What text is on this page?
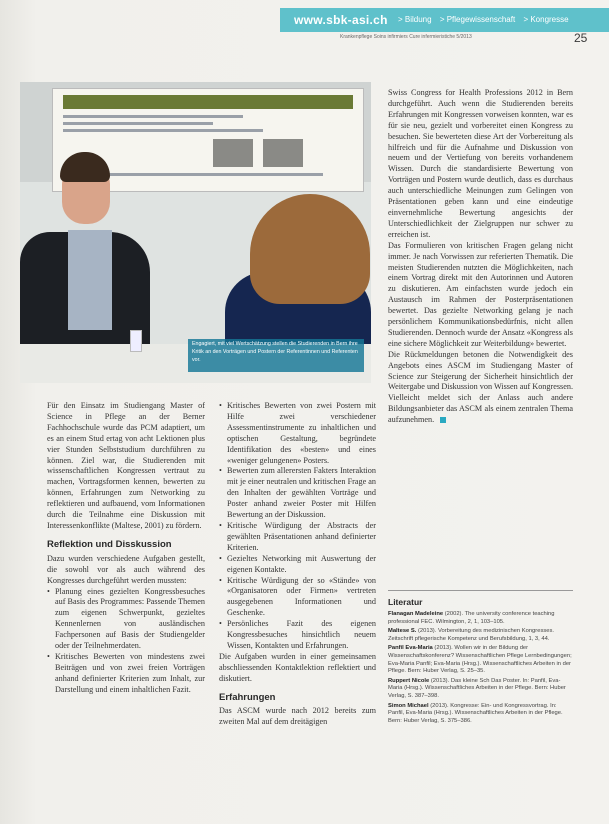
www.sbk-asi.ch > Bildung > Pflegewissenschaft > Kongresse
Krankenpflege Soins infirmiers Cure infermieristiche 5/2013	25
Engagiert, mit viel Wertschätzung stellen die Studierenden in Bern ihre Kritik an den Vorträgen und Postern der Referentinnen und Referenten vor.

Für den Einsatz im Studiengang Master of Science in Pflege an der Berner Fachhochschule wurde das PCM adaptiert, um es an einem Stud ertag von acht Lektionen plus vier Stunden Selbststudium durchführen zu können. Ziel war, die Studierenden mit wissenschaftlichen Kongressen vertraut zu machen, Vortragsformen kennen, bewerten zu können, Erfahrungen zum Networking zu reflektieren und aufbauend, vom Informationen durch die Teilnahme eine Diskussion mit Interessenkonflikte (Maltese, 2001) zu fördern.

Reflektion und Disskussion

Dazu wurden verschiedene Aufgaben gestellt, die sowohl vor als auch während des Kongresses durchgeführt werden mussten:

• Planung eines gezielten Kongressbesuches auf Basis des Programmes: Passende Themen zum eigenen Schwerpunkt, gezieltes Kennenlernen von ausländischen Fachpersonen auf Basis der Studiengelder oder der Teilnehmerdaten.
• Kritisches Bewerten von mindestens zwei Beiträgen und von zwei freien Vorträgen anhand definierter Kriterien zum Inhalt, zur Darstellung und einem inhaltlichen Fazit.
• Kritisches Bewerten von zwei Postern mit Hilfe zwei verschiedener Assessmentinstrumente zu inhaltlichen und optischen Gestaltung, begründete Identifikation des «besten» und eines «weniger gelungenen» Posters.
• Bewerten zum allerersten Fakters Interaktion mit je einer neutralen und kritischen Frage an den Inhalten der gewählten Vorträge und Poster anhand zweier Poster mit Hilfen Bewertung an der Diskussion.
• Kritische Würdigung der Abstracts der gewählten Präsentationen anhand definierter Kriterien.
• Gezieltes Networking mit Auswertung der eigenen Kontakte.
• Kritische Würdigung der so «Stände» von «Organisatoren oder Firmen» vertreten ausgegebenen Informationen und Geschenke.
• Persönliches Fazit des eigenen Kongressbesuches hinsichtlich neuem Wissen, Kontakten und Erfahrungen.

Die Aufgaben wurden in einer gemeinsamen abschliessenden Kontaktlektion reflektiert und diskutiert.

Erfahrungen

Das ASCM wurde nach 2012 bereits zum zweiten Mal auf dem dreitägigen

Swiss Congress for Health Professions 2012 in Bern durchgeführt. Auch wenn die Studierenden bereits Erfahrungen mit Kongressen vorweisen konnten, war es für sie neu, gezielt und vorbereitet einen Kongress zu besuchen. Sie bewerteten diese Art der Vorbereitung als hilfreich und für die Aufnahme und Diskussion von neuem und der Vertiefung von bereits vorhandenem Wissen. Durch die standardisierte Bewertung von Vorträgen und Postern wurde deutlich, dass es durchaus auch unterschiedliche Meinungen zum Gelingen von Präsentationen geben kann und eine eindeutige einvernehmliche Bewertung angesichts der Unterschiedlichkeit der Zielgruppen nur schwer zu erreichen ist.

Das Formulieren von kritischen Fragen gelang nicht immer. Je nach Vorwissen zur referierten Thematik. Die meisten Studierenden nutzten die Möglichkeiten, nach einem Vortrag direkt mit den Autorinnen und Autoren zu diskutieren. Am einfachsten wurde jedoch ein Austausch im Rahmen der Posterpräsentationen bewertet. Das gezielte Networking gelang je nach persönlichem Kommunikationsbedürfnis, nicht allen Studierenden. Dennoch wurde der Ansatz «Kongress als eine sichere Möglichkeit zur Weiterbildung» bewertet.

Die Rückmeldungen betonen die Notwendigkeit des Angebots eines ASCM im Studiengang Master of Science zur Steigerung der Sicherheit hinsichtlich der Weitergabe und Diskussion von Wissen auf Kongressen. Vielleicht meldet sich der Anlass auch andere Bildungsanbieter das ASCM als einem zentralen Thema aufzunehmen.

Literatur

Flanagan Madeleine (2002). The university conference teaching professional FEC. Wilmington, 2, 1, 103–105.

Maltese S. (2013). Vorbereitung des medizinischen Kongresses. Zeitschrift pflegerische Kompetenz und Berufsbildung, 1, 3, 44.

Panfil Eva-Maria (2013). Wollen wir in der Bildung der Wissenschaftskonferenz? Wissenschaftlichen Pflege Lernbedingungen; Eva-Maria Panfil; Eva-Maria (Hrsg.). Wissenschaftliches Arbeiten in der Pflege. Bern: Huber Verlag, S. 25–35.

Ruppert Nicole (2013). Das kleine Sch Das Poster. In: Panfil, Eva-Maria (Hrsg.). Wissenschaftliches Arbeiten in der Pflege. Bern: Huber Verlag, S. 387–398.

Simon Michael (2013). Kongresse: Ein- und Kongressvortrag. In: Panfil, Eva-Maria (Hrsg.). Wissenschaftliches Arbeiten in der Pflege. Bern: Huber Verlag, S. 375–386.
